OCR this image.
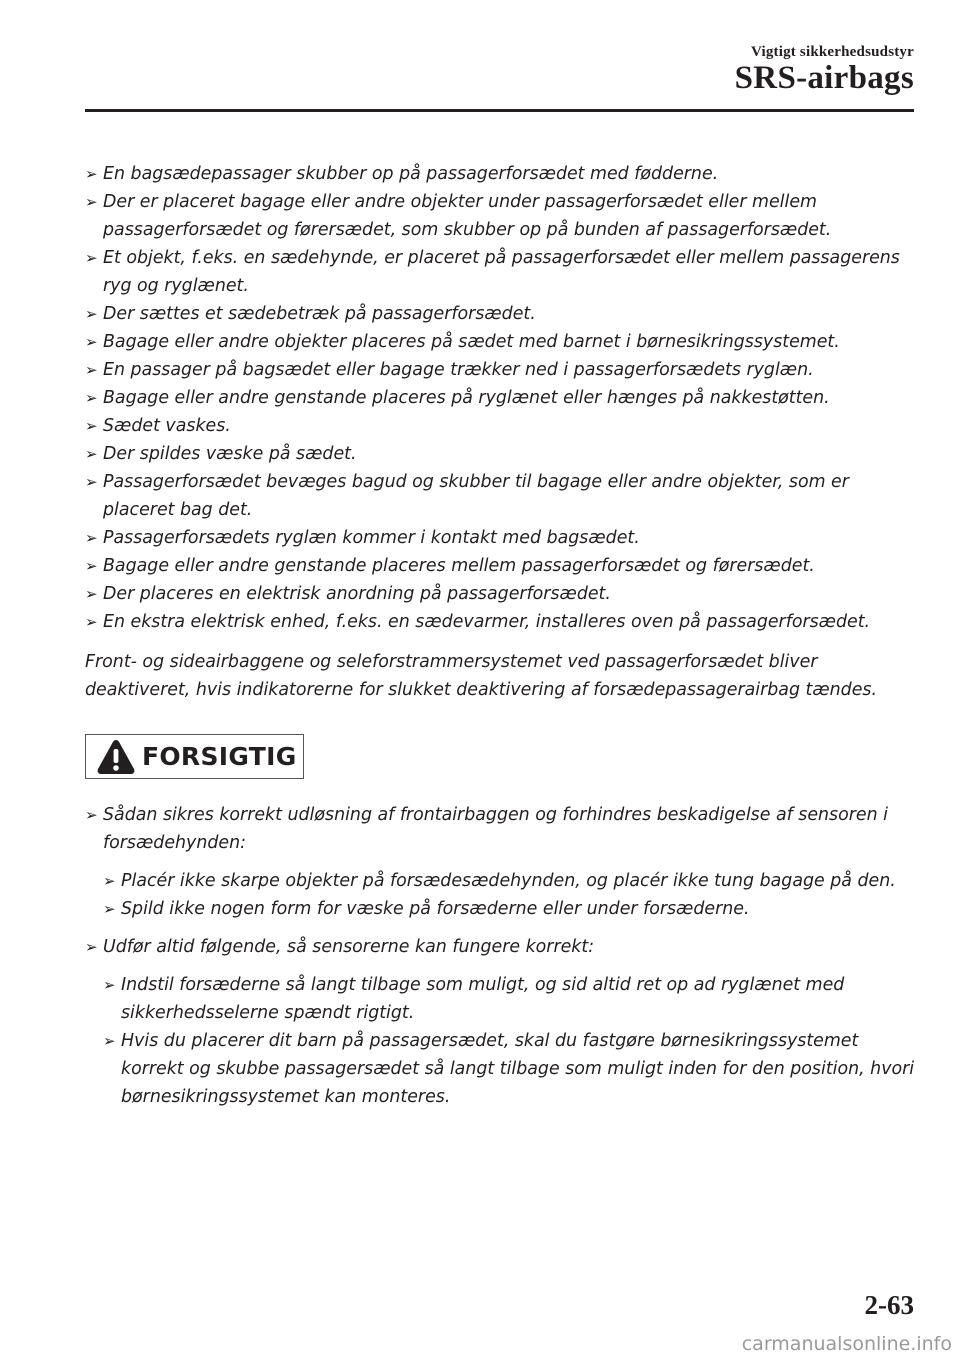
Vigtigt sikkerhedsudstyr
SRS-airbags
➢ En bagsædepassager skubber op på passagerforsædet med fødderne.
➢ Der er placeret bagage eller andre objekter under passagerforsædet eller mellem passagerforsædet og førersædet, som skubber op på bunden af passagerforsædet.
➢ Et objekt, f.eks. en sædehynde, er placeret på passagerforsædet eller mellem passagerens ryg og ryglænet.
➢ Der sættes et sædebetræk på passagerforsædet.
➢ Bagage eller andre objekter placeres på sædet med barnet i børnesikringssystemet.
➢ En passager på bagsædet eller bagage trækker ned i passagerforsædets ryglæn.
➢ Bagage eller andre genstande placeres på ryglænet eller hænges på nakkestøtten.
➢ Sædet vaskes.
➢ Der spildes væske på sædet.
➢ Passagerforsædet bevæges bagud og skubber til bagage eller andre objekter, som er placeret bag det.
➢ Passagerforsædets ryglæn kommer i kontakt med bagsædet.
➢ Bagage eller andre genstande placeres mellem passagerforsædet og førersædet.
➢ Der placeres en elektrisk anordning på passagerforsædet.
➢ En ekstra elektrisk enhed, f.eks. en sædevarmer, installeres oven på passagerforsædet.

Front- og sideairbaggene og seleforstrammersystemet ved passagerforsædet bliver deaktiveret, hvis indikatorerne for slukket deaktivering af forsædepassagerairbag tændes.

FORSIGTIG
➢ Sådan sikres korrekt udløsning af frontairbaggen og forhindres beskadigelse af sensoren i forsædehynden:
➢ Placér ikke skarpe objekter på forsædesædehynden, og placér ikke tung bagage på den.
➢ Spild ikke nogen form for væske på forsæderne eller under forsæderne.
➢ Udfør altid følgende, så sensorerne kan fungere korrekt:
➢ Indstil forsæderne så langt tilbage som muligt, og sid altid ret op ad ryglænet med sikkerhedsselerne spændt rigtigt.
➢ Hvis du placerer dit barn på passagersædet, skal du fastgøre børnesikringssystemet korrekt og skubbe passagersædet så langt tilbage som muligt inden for den position, hvori børnesikringssystemet kan monteres.
2-63
carmanualsonline.info
